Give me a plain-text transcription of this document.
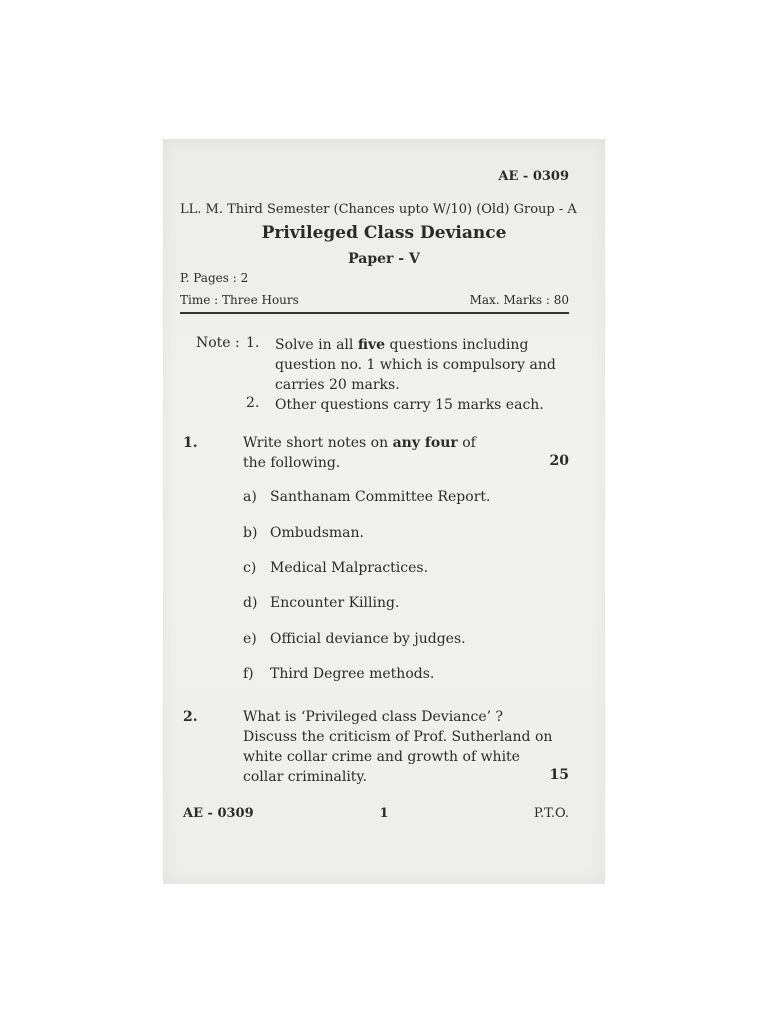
AE - 0309
LL. M. Third Semester (Chances upto W/10) (Old) Group - A
Privileged Class Deviance
Paper - V
P. Pages : 2
Time : Three Hours	Max. Marks : 80
Note : 1. Solve in all five questions including question no. 1 which is compulsory and carries 20 marks.
2. Other questions carry 15 marks each.
1.	Write short notes on any four of the following.	20
a) Santhanam Committee Report.
b) Ombudsman.
c) Medical Malpractices.
d) Encounter Killing.
e) Official deviance by judges.
f) Third Degree methods.
2.	What is ‘Privileged class Deviance’ ? Discuss the criticism of Prof. Sutherland on white collar crime and growth of white collar criminality.	15
AE - 0309	1	P.T.O.
